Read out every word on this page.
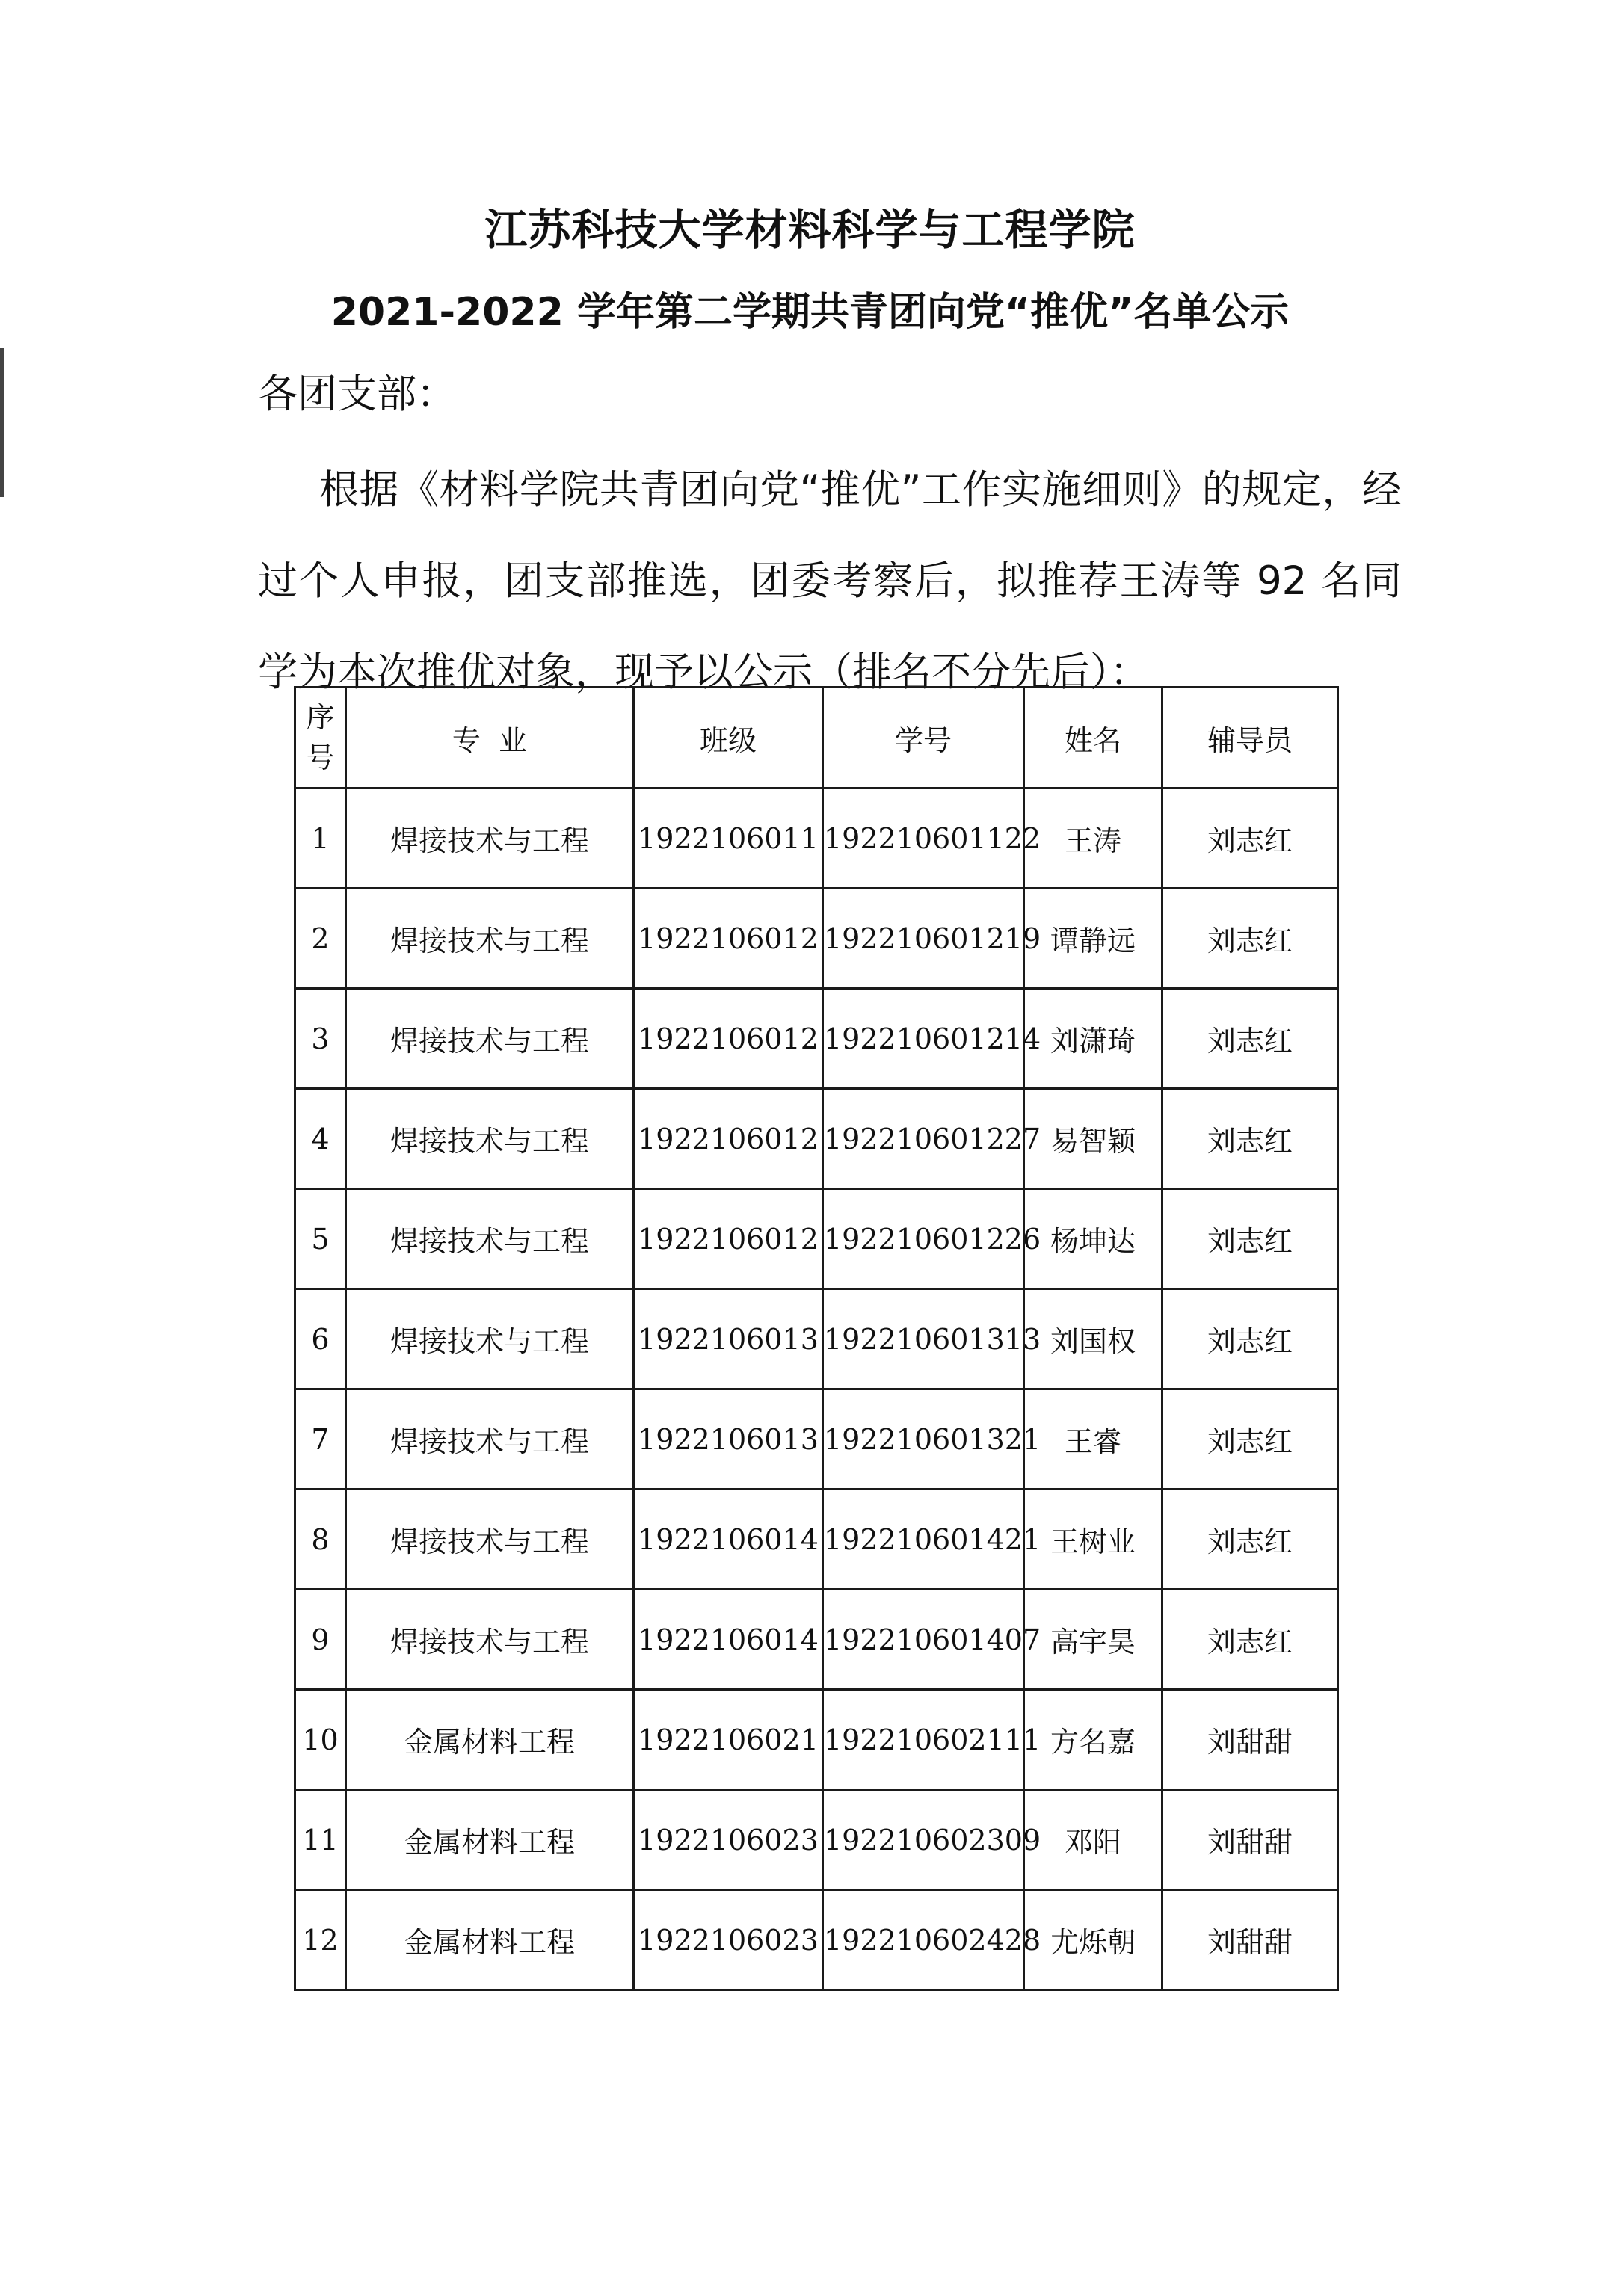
江苏科技大学材料科学与工程学院
2021-2022 学年第二学期共青团向党“推优”名单公示
各团支部：
根据《材料学院共青团向党“推优”工作实施细则》的规定，经过个人申报，团支部推选，团委考察后，拟推荐王涛等 92 名同学为本次推优对象，现予以公示（排名不分先后）：
序
号	专  业	班级	学号	姓名	辅导员
1	焊接技术与工程	1922106011	192210601122	王涛	刘志红
2	焊接技术与工程	1922106012	192210601219	谭静远	刘志红
3	焊接技术与工程	1922106012	192210601214	刘潇琦	刘志红
4	焊接技术与工程	1922106012	192210601227	易智颖	刘志红
5	焊接技术与工程	1922106012	192210601226	杨坤达	刘志红
6	焊接技术与工程	1922106013	192210601313	刘国权	刘志红
7	焊接技术与工程	1922106013	192210601321	王睿	刘志红
8	焊接技术与工程	1922106014	192210601421	王树业	刘志红
9	焊接技术与工程	1922106014	192210601407	高宇昊	刘志红
10	金属材料工程	1922106021	192210602111	方名嘉	刘甜甜
11	金属材料工程	1922106023	192210602309	邓阳	刘甜甜
12	金属材料工程	1922106023	192210602428	尤烁朝	刘甜甜
